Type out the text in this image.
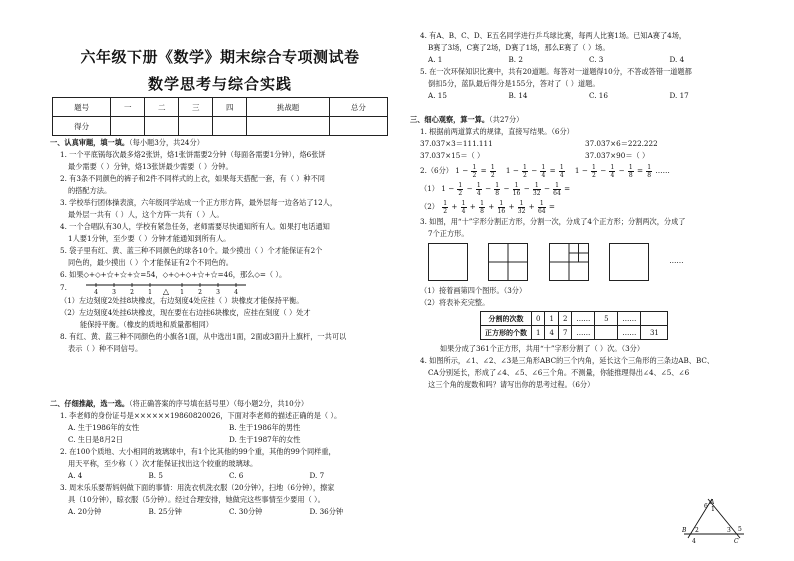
六年级下册《数学》期末综合专项测试卷
数学思考与综合实践
题号	一	二	三	四	挑战题	总分
得分						
一、认真审题，填一填。（每小题3分，共24分）
1. 一个平底锅每次最多烙2张饼，烙1张饼需要2分钟（每面各需要1分钟），烙6张饼
最少需要（ ）分钟，烙13张饼最少需要（ ）分钟。
2. 有3条不同颜色的裤子和2件不同样式的上衣，如果每天搭配一套，有（ ）种不同
的搭配方法。
3. 学校举行团体操表演，六年级同学站成一个正方形方阵，最外层每一边各站了12人，
最外层一共有（ ）人，这个方阵一共有（ ）人。
4. 一个合唱队有30人，学校有紧急任务，老师需要尽快通知所有人。如果打电话通知
1人要1分钟，至少要（ ）分钟才能通知到所有人。
5. 袋子里有红、黄、蓝三种不同颜色的球各10个。最少摸出（ ）个才能保证有2个
同色的，最少摸出（ ）个才能保证有2个不同色的。
6. 如果◇+◇+☆+☆+☆=54，◇+◇+◇+☆+☆=46，那么◇=（ ）。
7.
4 3 2 1 △ 1 2 3 4
（1）左边刻度2处挂8块橡皮，右边刻度4处应挂（ ）块橡皮才能保持平衡。
（2）左边刻度4处挂6块橡皮，现在要在右边挂6块橡皮，应挂在刻度（ ）处才
能保持平衡。（橡皮的质地和质量都相同）
8. 有红、黄、蓝三种不同颜色的小旗各1面，从中选出1面，2面或3面升上旗杆，一共可以
表示（ ）种不同信号。
二、仔细推敲，选一选。（将正确答案的序号填在括号里）（每小题2分，共10分）
1. 李老师的身份证号是××××××19860820026，下面对李老师的描述正确的是（ ）。
A. 生于1986年的女性	B. 生于1986年的男性
C. 生日是8月2日	D. 生于1987年的女性
2. 在100个质地、大小相同的玻璃球中，有1个比其他的99个重，其他的99个同样重，
用天平称，至少称（ ）次才能保证找出这个较重的玻璃球。
A. 4	B. 5	C. 6	D. 7
3. 周末乐乐要帮妈妈做下面的事情：用洗衣机洗衣服（20分钟），扫地（6分钟），擦家
具（10分钟），晾衣服（5分钟）。经过合理安排，她做完这些事情至少要用（ ）。
A. 20分钟	B. 25分钟	C. 30分钟	D. 36分钟
4. 有A、B、C、D、E五名同学进行乒乓球比赛，每两人比赛1场。已知A赛了4场，
B赛了3场，C赛了2场，D赛了1场，那么E赛了（ ）场。
A. 1	B. 2	C. 3	D. 4
5. 在一次环保知识比赛中，共有20道题。每答对一道题得10分，不答或答错一道题都
倒扣5分，蓝队最后得分是155分，答对了（ ）道题。
A. 15	B. 14	C. 16	D. 17
三、细心观察，算一算。（共27分）
1. 根据前两道算式的规律，直接写结果。（6分）
37.037×3＝111.111	37.037×6＝222.222
37.037×15＝（ ）	37.037×90＝（ ）
2.（6分） $1 - \frac{1}{2} = \frac{1}{2} 1 - \frac{1}{2} - \frac{1}{4} = \frac{1}{4} 1 - \frac{1}{2} - \frac{1}{4} - \frac{1}{8} = \frac{1}{8}$ ……
（1） $1 - \frac{1}{2} - \frac{1}{4} - \frac{1}{8} - \frac{1}{16} - \frac{1}{32} - \frac{1}{64}$ =
$(2) \frac{1}{2} + \frac{1}{4} + \frac{1}{8} + \frac{1}{16} + \frac{1}{32} + \frac{1}{64}$ =
3. 如图，用“十”字形分割正方形，分割一次，分成了4个正方形；分割两次，分成了
7个正方形。

……
（1）接着画第四个图形。（3分）
（2）将表补充完整。
分割的次数	0	1	2	……	5	……	
正方形的个数	1	4	7	……		……	31
如果分成了361个正方形，共用“十”字形分割了（ ）次。（3分）
4. 如图所示，∠1、∠2、∠3是三角形ABC的三个内角，延长这个三角形的三条边AB、BC、
CA分别延长，形成了∠4、∠5、∠6三个角。不测量，你能推理得出∠4、∠5、∠6
这三个角的度数和吗？请写出你的思考过程。（6分）
6
A
1
B 2
4
3 5
C
